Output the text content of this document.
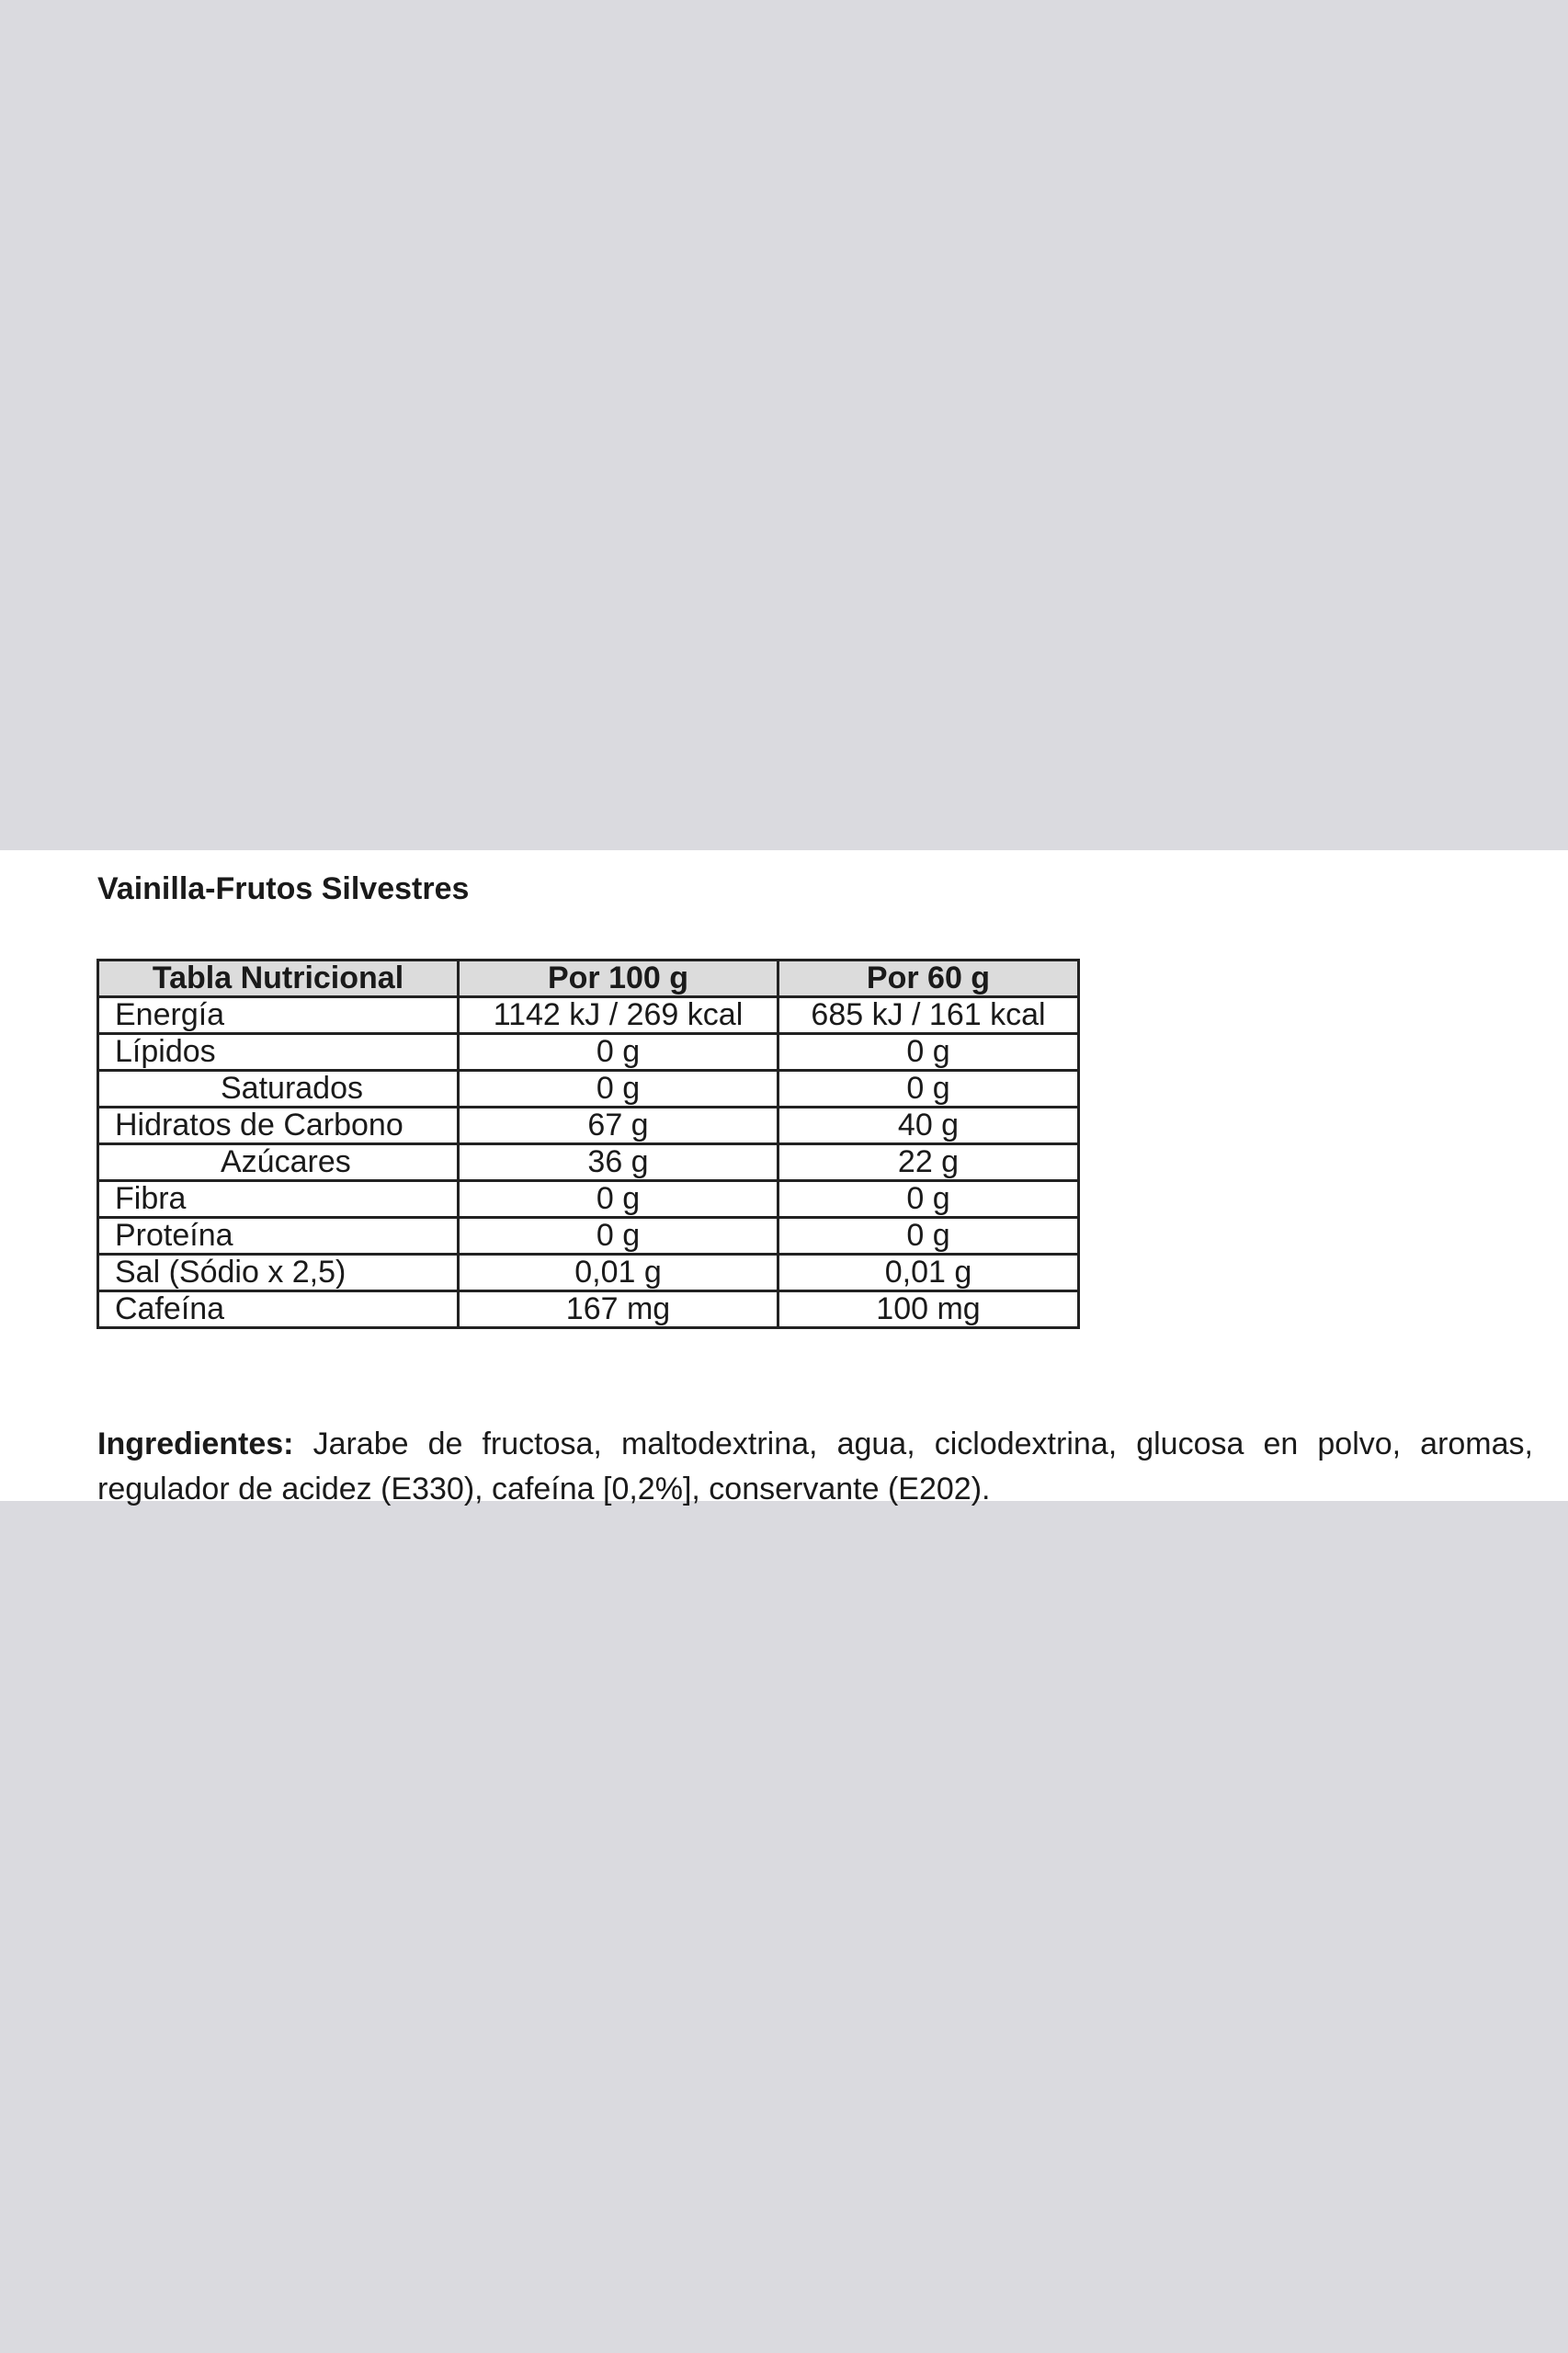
Vainilla-Frutos Silvestres
Tabla Nutricional	Por 100 g	Por 60 g
Energía	1142 kJ / 269 kcal	685 kJ / 161 kcal
Lípidos	0 g	0 g
Saturados	0 g	0 g
Hidratos de Carbono	67 g	40 g
Azúcares	36 g	22 g
Fibra	0 g	0 g
Proteína	0 g	0 g
Sal (Sódio x 2,5)	0,01 g	0,01 g
Cafeína	167 mg	100 mg

Ingredientes: Jarabe de fructosa, maltodextrina, agua, ciclodextrina, glucosa en polvo, aromas, regulador de acidez (E330), cafeína [0,2%], conservante (E202).
